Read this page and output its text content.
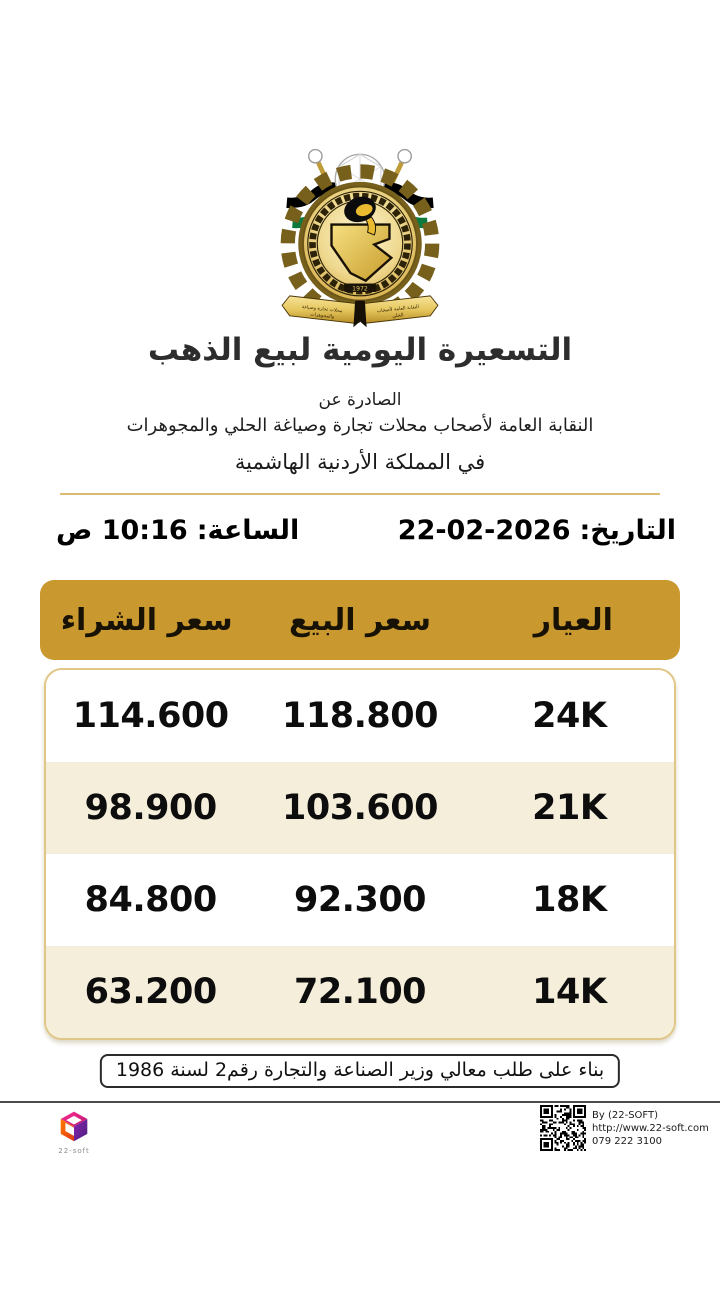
1972
محلات تجارة وصياغة
والمجوهرات
النقابة العامة لأصحاب
الحلي
التسعيرة اليومية لبيع الذهب
الصادرة عن
النقابة العامة لأصحاب محلات تجارة وصياغة الحلي والمجوهرات
في المملكة الأردنية الهاشمية
التاريخ:
22-02-2026
الساعة:
10:16 ص
العيار
سعر البيع
سعر الشراء
24K
118.800
114.600
21K
103.600
98.900
18K
92.300
84.800
14K
72.100
63.200
بناء على طلب معالي وزير الصناعة والتجارة رقم2 لسنة 1986
22-soft
By (22-SOFT)
http://www.22-soft.com
079 222 3100
